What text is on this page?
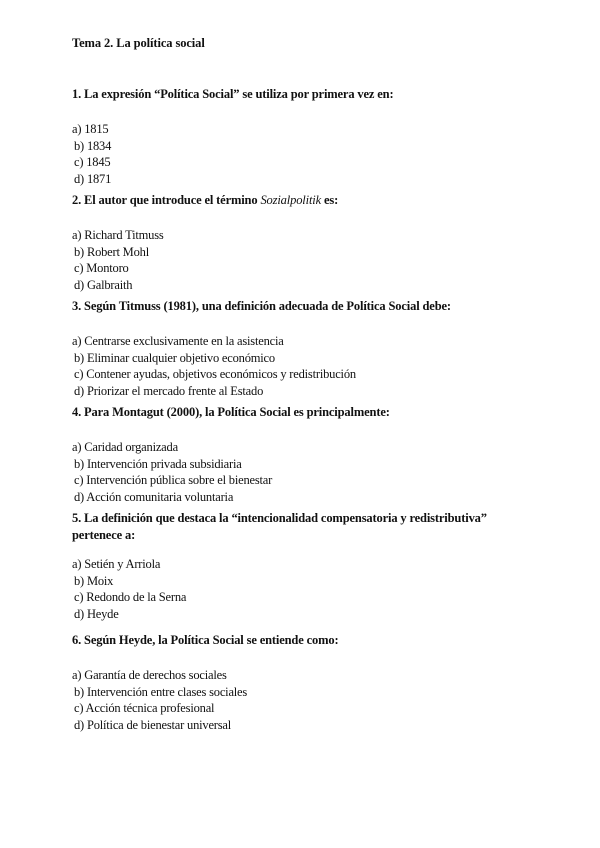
Tema 2. La política social

1. La expresión “Política Social” se utiliza por primera vez en:

a) 1815
b) 1834
c) 1845
d) 1871

2. El autor que introduce el término Sozialpolitik es:

a) Richard Titmuss
b) Robert Mohl
c) Montoro
d) Galbraith

3. Según Titmuss (1981), una definición adecuada de Política Social debe:

a) Centrarse exclusivamente en la asistencia
b) Eliminar cualquier objetivo económico
c) Contener ayudas, objetivos económicos y redistribución
d) Priorizar el mercado frente al Estado

4. Para Montagut (2000), la Política Social es principalmente:

a) Caridad organizada
b) Intervención privada subsidiaria
c) Intervención pública sobre el bienestar
d) Acción comunitaria voluntaria

5. La definición que destaca la “intencionalidad compensatoria y redistributiva” pertenece a:

a) Setién y Arriola
b) Moix
c) Redondo de la Serna
d) Heyde

6. Según Heyde, la Política Social se entiende como:

a) Garantía de derechos sociales
b) Intervención entre clases sociales
c) Acción técnica profesional
d) Política de bienestar universal
